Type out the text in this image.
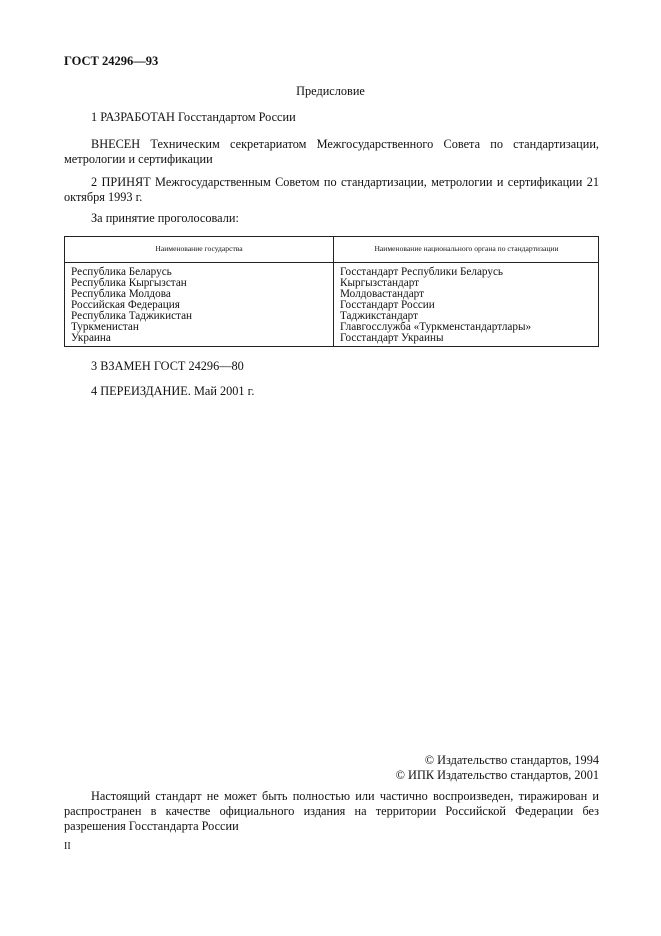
ГОСТ 24296—93
Предисловие
1 РАЗРАБОТАН Госстандартом России
ВНЕСЕН Техническим секретариатом Межгосударственного Совета по стандартизации, метрологии и сертификации
2 ПРИНЯТ Межгосударственным Советом по стандартизации, метрологии и сертификации 21 октября 1993 г.
За принятие проголосовали:
Наименование государства	Наименование национального органа по стандартизации
Республика Беларусь
Республика Кыргызстан
Республика Молдова
Российская Федерация
Республика Таджикистан
Туркменистан
Украина
Госстандарт Республики Беларусь
Кыргызстандарт
Молдовастандарт
Госстандарт России
Таджикстандарт
Главгосслужба «Туркменстандартлары»
Госстандарт Украины
3 ВЗАМЕН ГОСТ 24296—80
4 ПЕРЕИЗДАНИЕ. Май 2001 г.
© Издательство стандартов, 1994
© ИПК Издательство стандартов, 2001
Настоящий стандарт не может быть полностью или частично воспроизведен, тиражирован и распространен в качестве официального издания на территории Российской Федерации без разрешения Госстандарта России
II
